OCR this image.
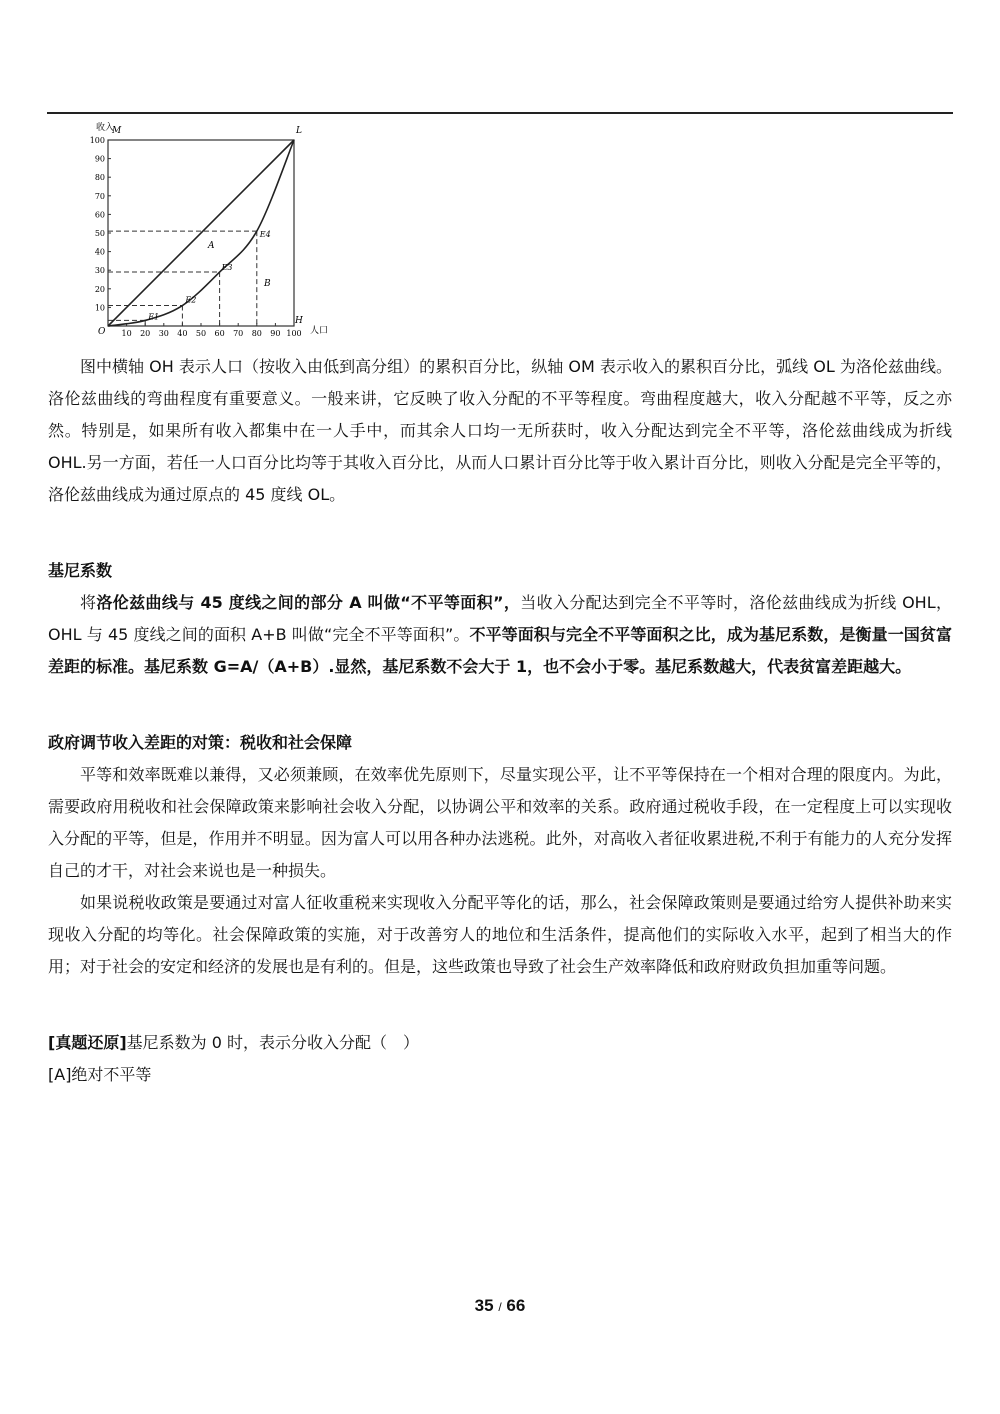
10
20
30
40
50
60
70
80
90
100
10 20 30 40 50 60 70 80 90 100
E1
E2
E3
E4
收入
M	L
O
H
人口
A
B

图中横轴 OH 表示人口（按收入由低到高分组）的累积百分比，纵轴 OM 表示收入的累积百分比，弧线 OL 为洛伦兹曲线。洛伦兹曲线的弯曲程度有重要意义。一般来讲，它反映了收入分配的不平等程度。弯曲程度越大，收入分配越不平等，反之亦然。特别是，如果所有收入都集中在一人手中，而其余人口均一无所获时，收入分配达到完全不平等，洛伦兹曲线成为折线 OHL.另一方面，若任一人口百分比均等于其收入百分比，从而人口累计百分比等于收入累计百分比，则收入分配是完全平等的，洛伦兹曲线成为通过原点的 45 度线 OL。

基尼系数

将洛伦兹曲线与 45 度线之间的部分 A 叫做“不平等面积”，当收入分配达到完全不平等时，洛伦兹曲线成为折线 OHL，OHL 与 45 度线之间的面积 A+B 叫做“完全不平等面积”。不平等面积与完全不平等面积之比，成为基尼系数，是衡量一国贫富差距的标准。基尼系数 G=A/（A+B）.显然，基尼系数不会大于 1，也不会小于零。基尼系数越大，代表贫富差距越大。

政府调节收入差距的对策：税收和社会保障

平等和效率既难以兼得，又必须兼顾，在效率优先原则下，尽量实现公平，让不平等保持在一个相对合理的限度内。为此，需要政府用税收和社会保障政策来影响社会收入分配，以协调公平和效率的关系。政府通过税收手段，在一定程度上可以实现收入分配的平等，但是，作用并不明显。因为富人可以用各种办法逃税。此外，对高收入者征收累进税,不利于有能力的人充分发挥自己的才干，对社会来说也是一种损失。

如果说税收政策是要通过对富人征收重税来实现收入分配平等化的话，那么，社会保障政策则是要通过给穷人提供补助来实现收入分配的均等化。社会保障政策的实施，对于改善穷人的地位和生活条件，提高他们的实际收入水平，起到了相当大的作用；对于社会的安定和经济的发展也是有利的。但是，这些政策也导致了社会生产效率降低和政府财政负担加重等问题。

[真题还原]基尼系数为 0 时，表示分收入分配（　）

[A]绝对不平等

35 / 66
